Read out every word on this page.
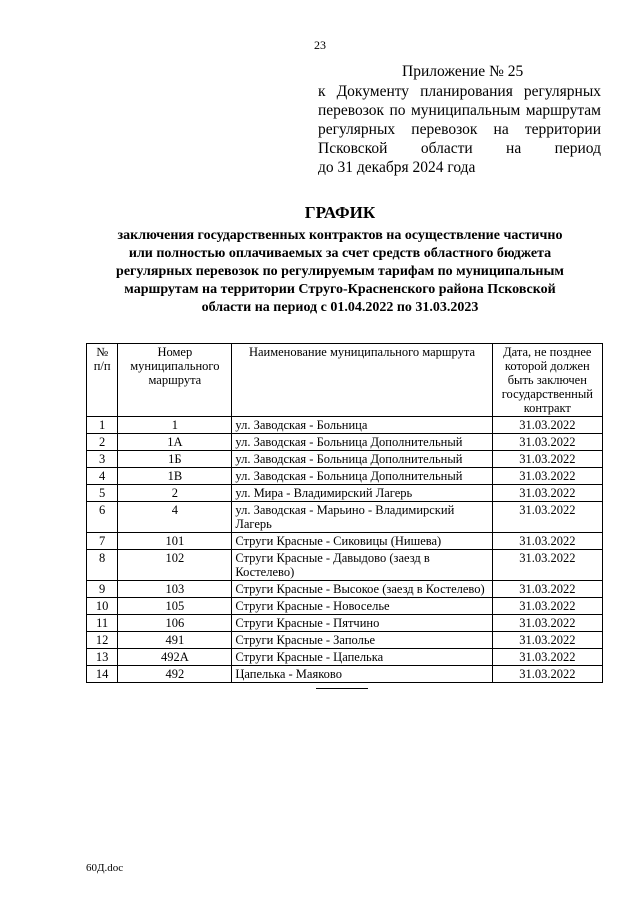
23
Приложение № 25
к Документу планирования регулярных
перевозок по муниципальным маршрутам
регулярных перевозок на территории
Псковской области на период
до 31 декабря 2024 года
ГРАФИК
заключения государственных контрактов на осуществление частично
или полностью оплачиваемых за счет средств областного бюджета
регулярных перевозок по регулируемым тарифам по муниципальным
маршрутам на территории Струго-Красненского района Псковской
области на период с 01.04.2022 по 31.03.2023
№ п/п	Номер муниципального маршрута	Наименование муниципального маршрута	Дата, не позднее которой должен быть заключен государственный контракт
1	1	ул. Заводская - Больница	31.03.2022
2	1А	ул. Заводская - Больница Дополнительный	31.03.2022
3	1Б	ул. Заводская - Больница Дополнительный	31.03.2022
4	1В	ул. Заводская - Больница Дополнительный	31.03.2022
5	2	ул. Мира - Владимирский Лагерь	31.03.2022
6	4	ул. Заводская - Марьино - Владимирский Лагерь	31.03.2022
7	101	Струги Красные - Сиковицы (Нишева)	31.03.2022
8	102	Струги Красные - Давыдово (заезд в Костелево)	31.03.2022
9	103	Струги Красные - Высокое (заезд в Костелево)	31.03.2022
10	105	Струги Красные - Новоселье	31.03.2022
11	106	Струги Красные - Пятчино	31.03.2022
12	491	Струги Красные - Заполье	31.03.2022
13	492А	Струги Красные - Цапелька	31.03.2022
14	492	Цапелька - Маяково	31.03.2022
60Д.doc
